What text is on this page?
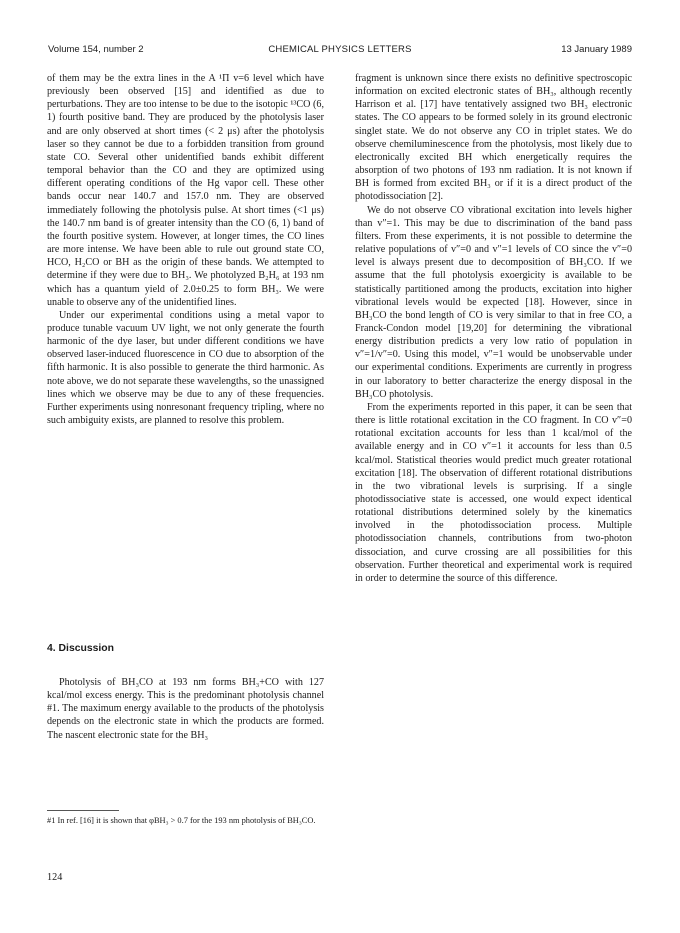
Volume 154, number 2	CHEMICAL PHYSICS LETTERS	13 January 1989

of them may be the extra lines in the A ¹Π v=6 level which have previously been observed [15] and identified as due to perturbations. They are too intense to be due to the isotopic ¹³CO (6, 1) fourth positive band. They are produced by the photolysis laser and are only observed at short times (< 2 μs) after the photolysis laser so they cannot be due to a forbidden transition from ground state CO. Several other unidentified bands exhibit different temporal behavior than the CO and they are optimized using different operating conditions of the Hg vapor cell. These other bands occur near 140.7 and 157.0 nm. They are observed immediately following the photolysis pulse. At short times (<1 μs) the 140.7 nm band is of greater intensity than the CO (6, 1) band of the fourth positive system. However, at longer times, the CO lines are more intense. We have been able to rule out ground state CO, HCO, H₂CO or BH as the origin of these bands. We attempted to determine if they were due to BH₃. We photolyzed B₂H₆ at 193 nm which has a quantum yield of 2.0±0.25 to form BH₃. We were unable to observe any of the unidentified lines.

Under our experimental conditions using a metal vapor to produce tunable vacuum UV light, we not only generate the fourth harmonic of the dye laser, but under different conditions we have observed laser-induced fluorescence in CO due to absorption of the fifth harmonic. It is also possible to generate the third harmonic. As note above, we do not separate these wavelengths, so the unassigned lines which we observe may be due to any of these frequencies. Further experiments using nonresonant frequency tripling, where no such ambiguity exists, are planned to resolve this problem.

4. Discussion

Photolysis of BH₃CO at 193 nm forms BH₃+CO with 127 kcal/mol excess energy. This is the predominant photolysis channel #1. The maximum energy available to the products of the photolysis depends on the electronic state in which the products are formed. The nascent electronic state for the BH₃

#1 In ref. [16] it is shown that φBH₃ > 0.7 for the 193 nm photolysis of BH₃CO.

fragment is unknown since there exists no definitive spectroscopic information on excited electronic states of BH₃, although recently Harrison et al. [17] have tentatively assigned two BH₃ electronic states. The CO appears to be formed solely in its ground electronic singlet state. We do not observe any CO in triplet states. We do observe chemiluminescence from the photolysis, most likely due to electronically excited BH which energetically requires the absorption of two photons of 193 nm radiation. It is not known if BH is formed from excited BH₃ or if it is a direct product of the photodissociation [2].

We do not observe CO vibrational excitation into levels higher than v″=1. This may be due to discrimination of the band pass filters. From these experiments, it is not possible to determine the relative populations of v″=0 and v″=1 levels of CO since the v″=0 level is always present due to decomposition of BH₃CO. If we assume that the full photolysis exoergicity is available to be statistically partitioned among the products, excitation into higher vibrational levels would be expected [18]. However, since in BH₃CO the bond length of CO is very similar to that in free CO, a Franck-Condon model [19,20] for determining the vibrational energy distribution predicts a very low ratio of population in v″=1/v″=0. Using this model, v″=1 would be unobservable under our experimental conditions. Experiments are currently in progress in our laboratory to better characterize the energy disposal in the BH₃CO photolysis.

From the experiments reported in this paper, it can be seen that there is little rotational excitation in the CO fragment. In CO v″=0 rotational excitation accounts for less than 1 kcal/mol of the available energy and in CO v″=1 it accounts for less than 0.5 kcal/mol. Statistical theories would predict much greater rotational excitation [18]. The observation of different rotational distributions in the two vibrational levels is surprising. If a single photodissociative state is accessed, one would expect identical rotational distributions determined solely by the kinematics involved in the photodissociation process. Multiple photodissociation channels, contributions from two-photon dissociation, and curve crossing are all possibilities for this observation. Further theoretical and experimental work is required in order to determine the source of this difference.

124
